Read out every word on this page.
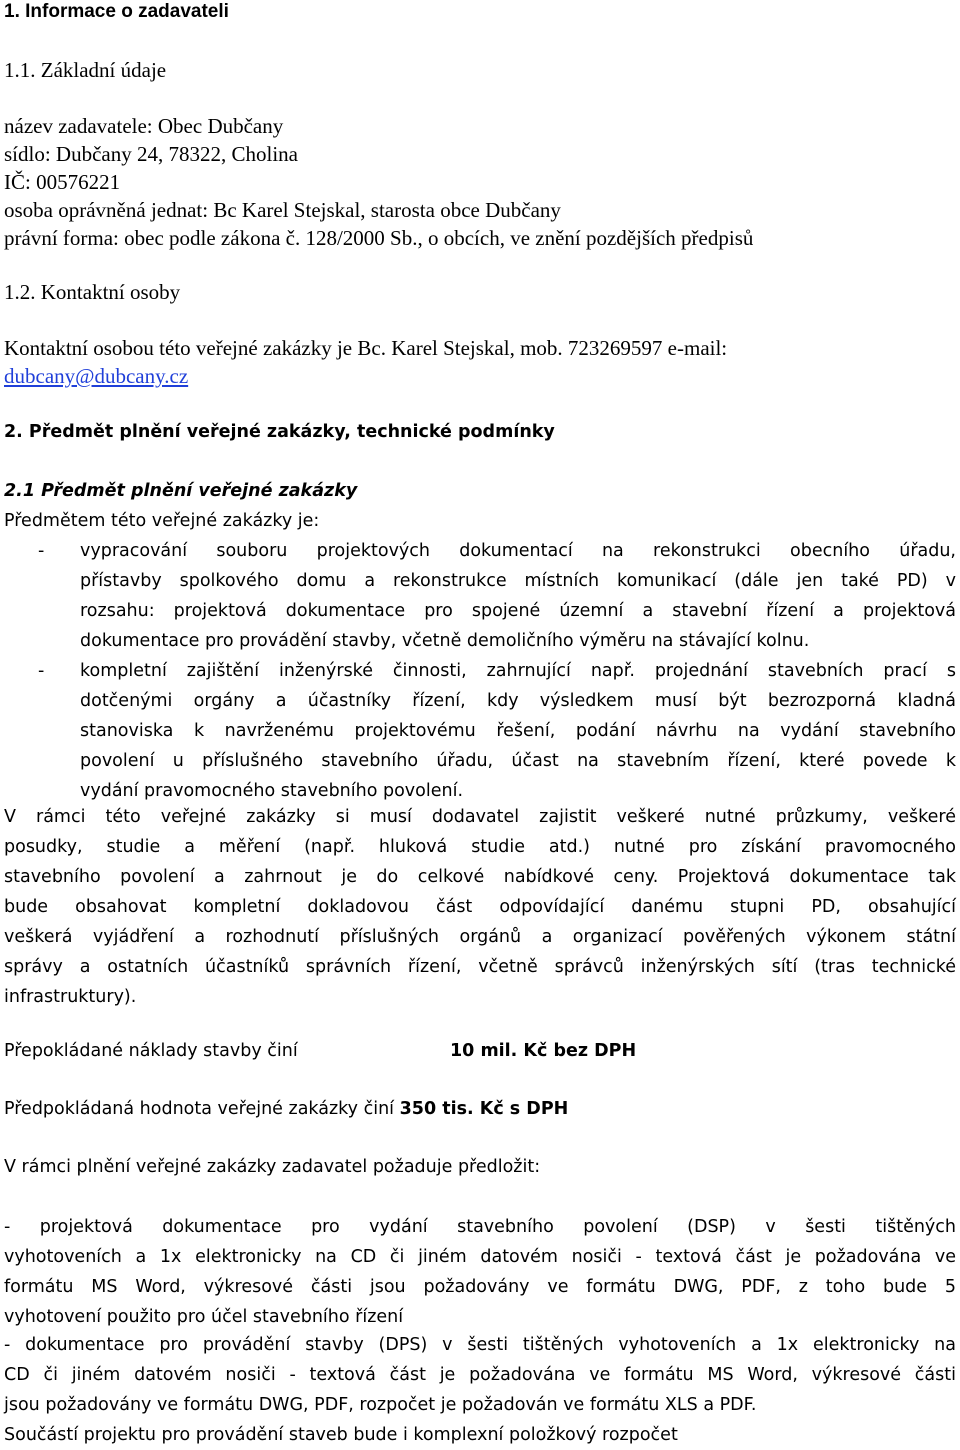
1. Informace o zadavateli
1.1. Základní údaje
název zadavatele: Obec Dubčany
sídlo: Dubčany 24, 78322, Cholina
IČ: 00576221
osoba oprávněná jednat: Bc Karel Stejskal, starosta obce Dubčany
právní forma: obec podle zákona č. 128/2000 Sb., o obcích, ve znění pozdějších předpisů
1.2. Kontaktní osoby
Kontaktní osobou této veřejné zakázky je Bc. Karel Stejskal, mob. 723269597 e-mail:
dubcany@dubcany.cz
2. Předmět plnění veřejné zakázky, technické podmínky
2.1 Předmět plnění veřejné zakázky
Předmětem této veřejné zakázky je:
- vypracování souboru projektových dokumentací na rekonstrukci obecního úřadu,
přístavby spolkového domu a rekonstrukce místních komunikací (dále jen také PD) v
rozsahu: projektová dokumentace pro spojené územní a stavební řízení a projektová
dokumentace pro provádění stavby, včetně demoličního výměru na stávající kolnu.
- kompletní zajištění inženýrské činnosti, zahrnující např. projednání stavebních prací s
dotčenými orgány a účastníky řízení, kdy výsledkem musí být bezrozporná kladná
stanoviska k navrženému projektovému řešení, podání návrhu na vydání stavebního
povolení u příslušného stavebního úřadu, účast na stavebním řízení, které povede k
vydání pravomocného stavebního povolení.
V rámci této veřejné zakázky si musí dodavatel zajistit veškeré nutné průzkumy, veškeré
posudky, studie a měření (např. hluková studie atd.) nutné pro získání pravomocného
stavebního povolení a zahrnout je do celkové nabídkové ceny. Projektová dokumentace tak
bude obsahovat kompletní dokladovou část odpovídající danému stupni PD, obsahující
veškerá vyjádření a rozhodnutí příslušných orgánů a organizací pověřených výkonem státní
správy a ostatních účastníků správních řízení, včetně správců inženýrských sítí (tras technické
infrastruktury).
Přepokládané náklady stavby činí	10 mil. Kč bez DPH
Předpokládaná hodnota veřejné zakázky činí 350 tis. Kč s DPH
V rámci plnění veřejné zakázky zadavatel požaduje předložit:
- projektová dokumentace pro vydání stavebního povolení (DSP) v šesti tištěných
vyhotoveních a 1x elektronicky na CD či jiném datovém nosiči - textová část je požadována ve
formátu MS Word, výkresové části jsou požadovány ve formátu DWG, PDF, z toho bude 5
vyhotovení použito pro účel stavebního řízení
- dokumentace pro provádění stavby (DPS) v šesti tištěných vyhotoveních a 1x elektronicky na
CD či jiném datovém nosiči - textová část je požadována ve formátu MS Word, výkresové části
jsou požadovány ve formátu DWG, PDF, rozpočet je požadován ve formátu XLS a PDF.
Součástí projektu pro provádění staveb bude i komplexní položkový rozpočet
